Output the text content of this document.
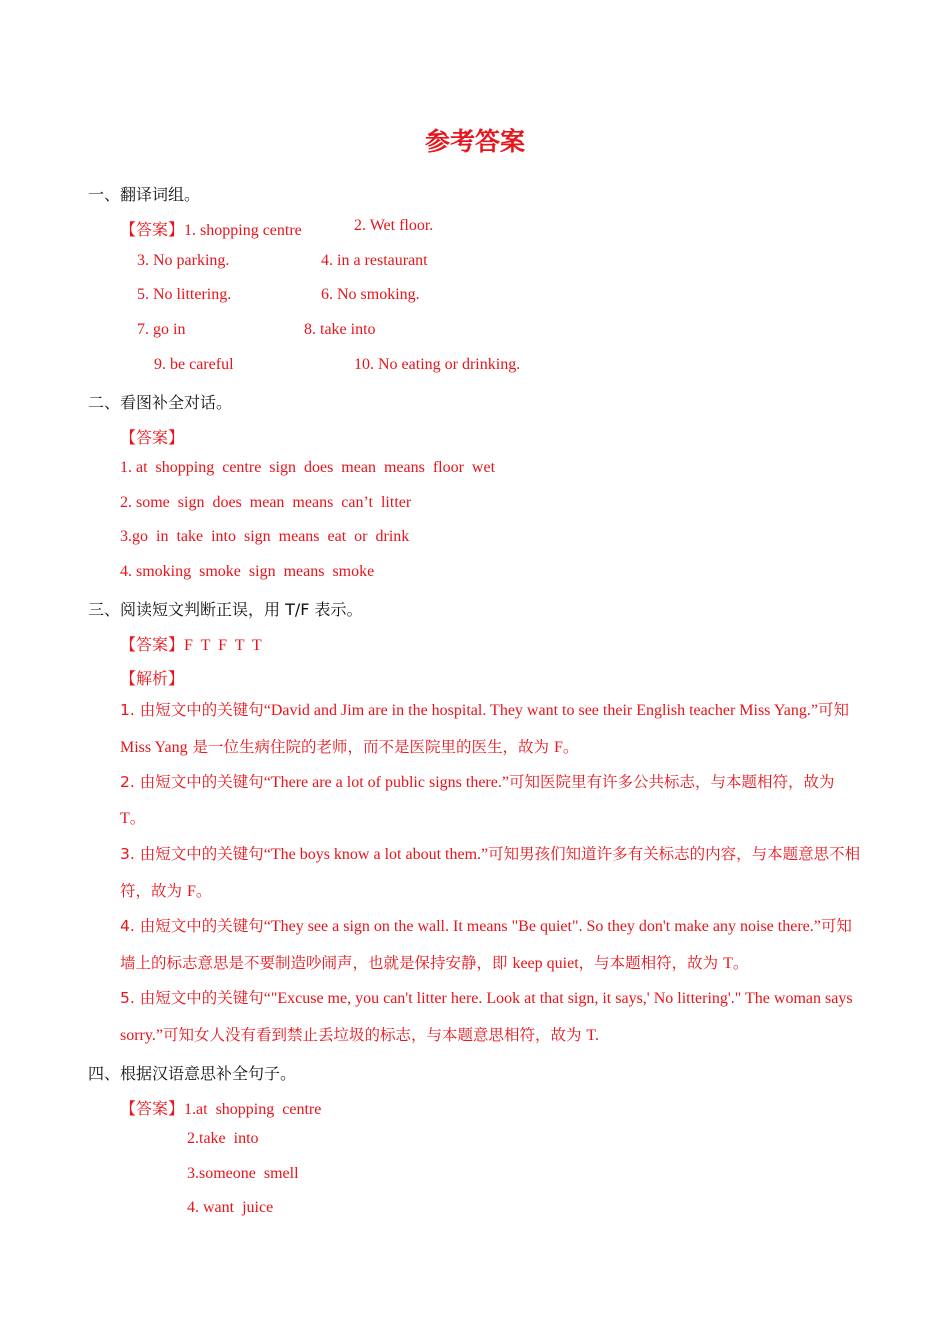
参考答案
一、翻译词组。
【答案】1. shopping centre	2. Wet floor.
3. No parking.	4. in a restaurant
5. No littering.	6. No smoking.
7. go in	8. take into
9. be careful	10. No eating or drinking.
二、看图补全对话。
【答案】
1. at  shopping  centre  sign  does  mean  means  floor  wet
2. some  sign  does  mean  means  can’t  litter
3.go  in  take  into  sign  means  eat  or  drink
4. smoking  smoke  sign  means  smoke
三、阅读短文判断正误，用 T/F 表示。
【答案】F  T  F  T  T
【解析】
1. 由短文中的关键句“David and Jim are in the hospital. They want to see their English teacher Miss Yang.”可知 Miss Yang 是一位生病住院的老师，而不是医院里的医生，故为 F。
2. 由短文中的关键句“There are a lot of public signs there.”可知医院里有许多公共标志，与本题相符，故为 T。
3. 由短文中的关键句“The boys know a lot about them.”可知男孩们知道许多有关标志的内容，与本题意思不相符，故为 F。
4. 由短文中的关键句“They see a sign on the wall. It means "Be quiet". So they don't make any noise there.”可知墙上的标志意思是不要制造吵闹声，也就是保持安静，即 keep quiet，与本题相符，故为 T。
5. 由短文中的关键句“"Excuse me, you can't litter here. Look at that sign, it says,' No littering'." The woman says sorry.”可知女人没有看到禁止丢垃圾的标志，与本题意思相符，故为 T.
四、根据汉语意思补全句子。
【答案】1.at  shopping  centre
2.take  into
3.someone  smell
4. want  juice
